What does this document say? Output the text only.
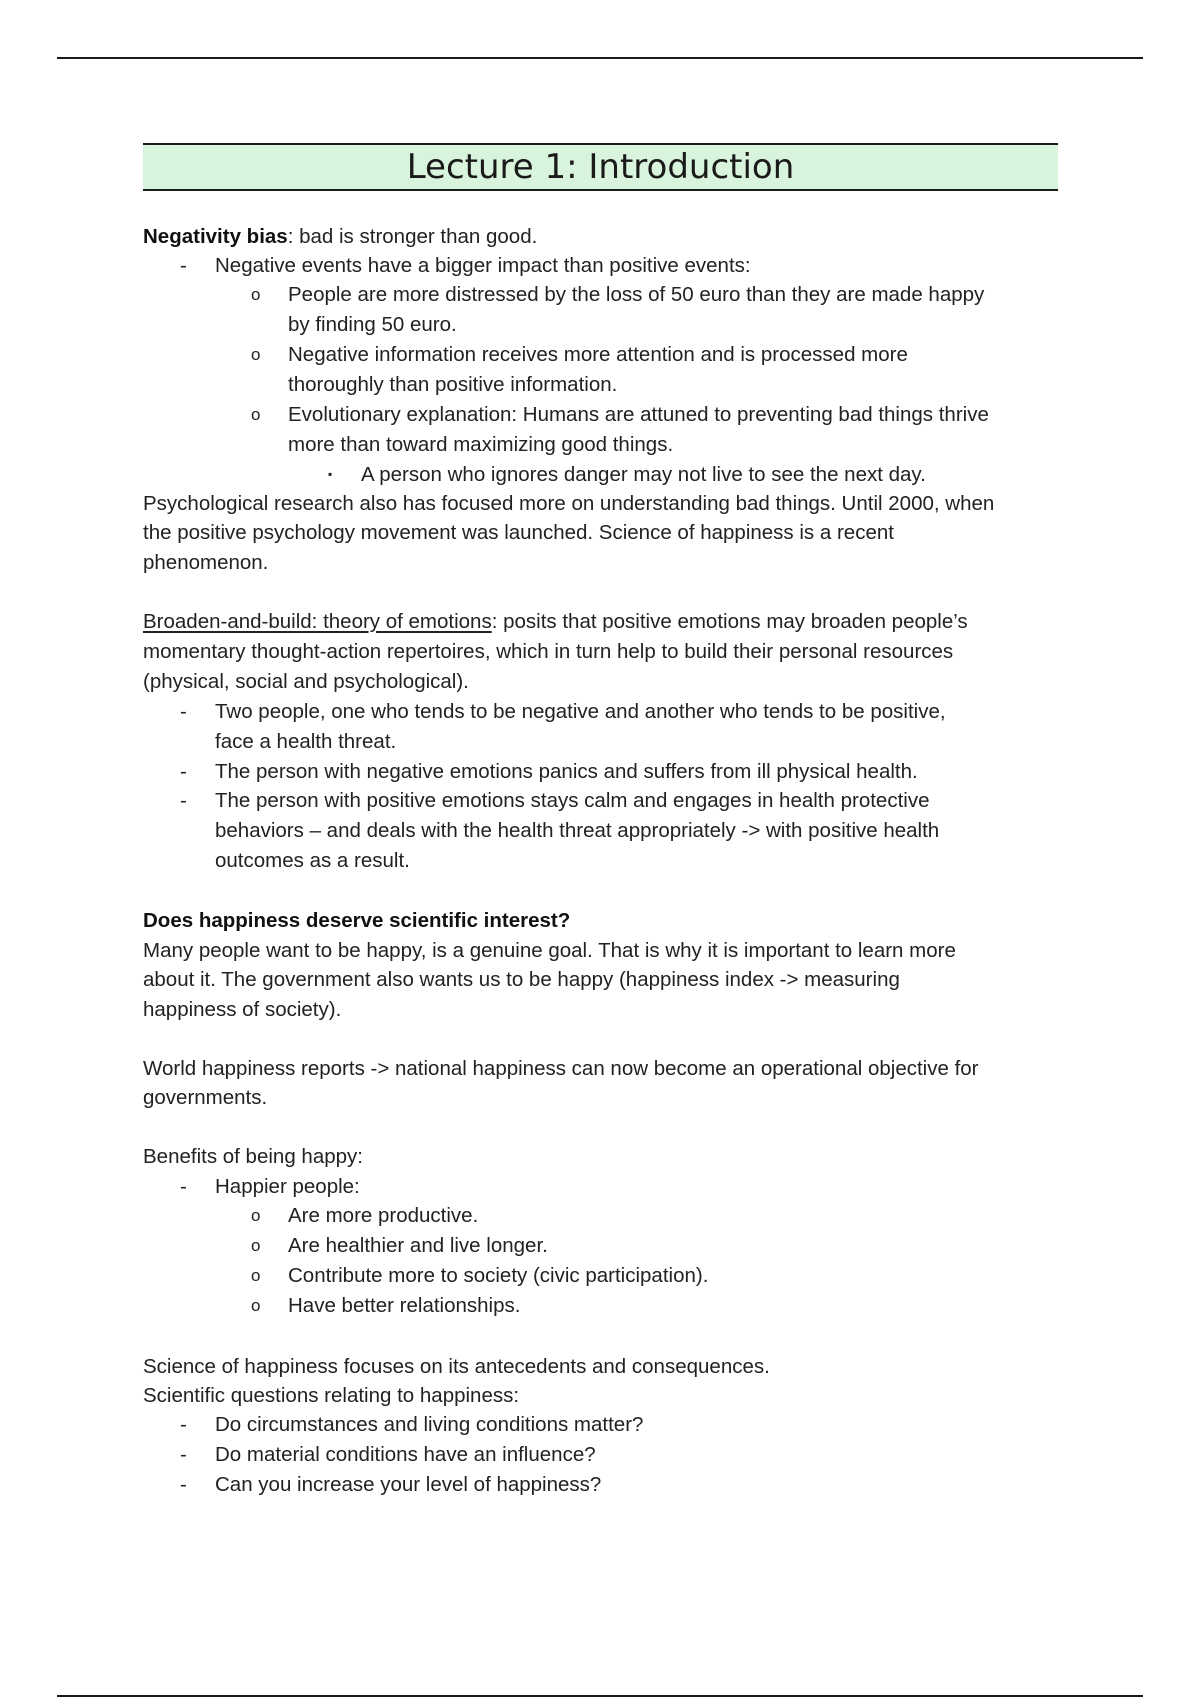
Lecture 1: Introduction
Negativity bias: bad is stronger than good.
- Negative events have a bigger impact than positive events:
o People are more distressed by the loss of 50 euro than they are made happy
by finding 50 euro.
o Negative information receives more attention and is processed more
thoroughly than positive information.
o Evolutionary explanation: Humans are attuned to preventing bad things thrive
more than toward maximizing good things.
▪ A person who ignores danger may not live to see the next day.
Psychological research also has focused more on understanding bad things. Until 2000, when
the positive psychology movement was launched. Science of happiness is a recent
phenomenon.
Broaden-and-build: theory of emotions: posits that positive emotions may broaden people’s
momentary thought-action repertoires, which in turn help to build their personal resources
(physical, social and psychological).
- Two people, one who tends to be negative and another who tends to be positive,
face a health threat.
- The person with negative emotions panics and suffers from ill physical health.
- The person with positive emotions stays calm and engages in health protective
behaviors – and deals with the health threat appropriately -> with positive health
outcomes as a result.
Does happiness deserve scientific interest?
Many people want to be happy, is a genuine goal. That is why it is important to learn more
about it. The government also wants us to be happy (happiness index -> measuring
happiness of society).
World happiness reports -> national happiness can now become an operational objective for
governments.
Benefits of being happy:
- Happier people:
o Are more productive.
o Are healthier and live longer.
o Contribute more to society (civic participation).
o Have better relationships.
Science of happiness focuses on its antecedents and consequences.
Scientific questions relating to happiness:
- Do circumstances and living conditions matter?
- Do material conditions have an influence?
- Can you increase your level of happiness?
